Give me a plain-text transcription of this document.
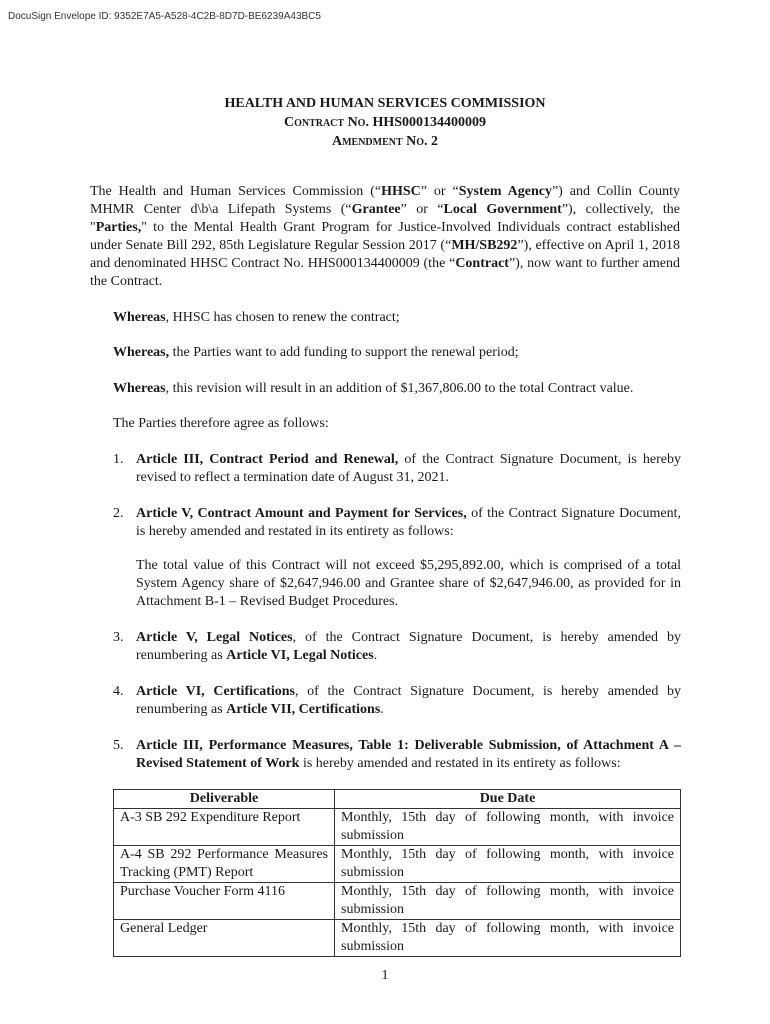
DocuSign Envelope ID: 9352E7A5-A528-4C2B-8D7D-BE6239A43BC5
HEALTH AND HUMAN SERVICES COMMISSION
Contract No. HHS000134400009
Amendment No. 2
The Health and Human Services Commission (“HHSC” or “System Agency”) and Collin County MHMR Center d\b\a Lifepath Systems (“Grantee” or “Local Government”), collectively, the "Parties," to the Mental Health Grant Program for Justice-Involved Individuals contract established under Senate Bill 292, 85th Legislature Regular Session 2017 (“MH/SB292”), effective on April 1, 2018 and denominated HHSC Contract No. HHS000134400009 (the “Contract”), now want to further amend the Contract.
Whereas, HHSC has chosen to renew the contract;
Whereas, the Parties want to add funding to support the renewal period;
Whereas, this revision will result in an addition of $1,367,806.00 to the total Contract value.
The Parties therefore agree as follows:
1. Article III, Contract Period and Renewal, of the Contract Signature Document, is hereby revised to reflect a termination date of August 31, 2021.
2. Article V, Contract Amount and Payment for Services, of the Contract Signature Document, is hereby amended and restated in its entirety as follows:
The total value of this Contract will not exceed $5,295,892.00, which is comprised of a total System Agency share of $2,647,946.00 and Grantee share of $2,647,946.00, as provided for in Attachment B-1 – Revised Budget Procedures.
3. Article V, Legal Notices, of the Contract Signature Document, is hereby amended by renumbering as Article VI, Legal Notices.
4. Article VI, Certifications, of the Contract Signature Document, is hereby amended by renumbering as Article VII, Certifications.
5. Article III, Performance Measures, Table 1: Deliverable Submission, of Attachment A – Revised Statement of Work is hereby amended and restated in its entirety as follows:
Deliverable	Due Date
A-3 SB 292 Expenditure Report	Monthly, 15th day of following month, with invoice submission
A-4 SB 292 Performance Measures Tracking (PMT) Report	Monthly, 15th day of following month, with invoice submission
Purchase Voucher Form 4116	Monthly, 15th day of following month, with invoice submission
General Ledger	Monthly, 15th day of following month, with invoice submission
1
